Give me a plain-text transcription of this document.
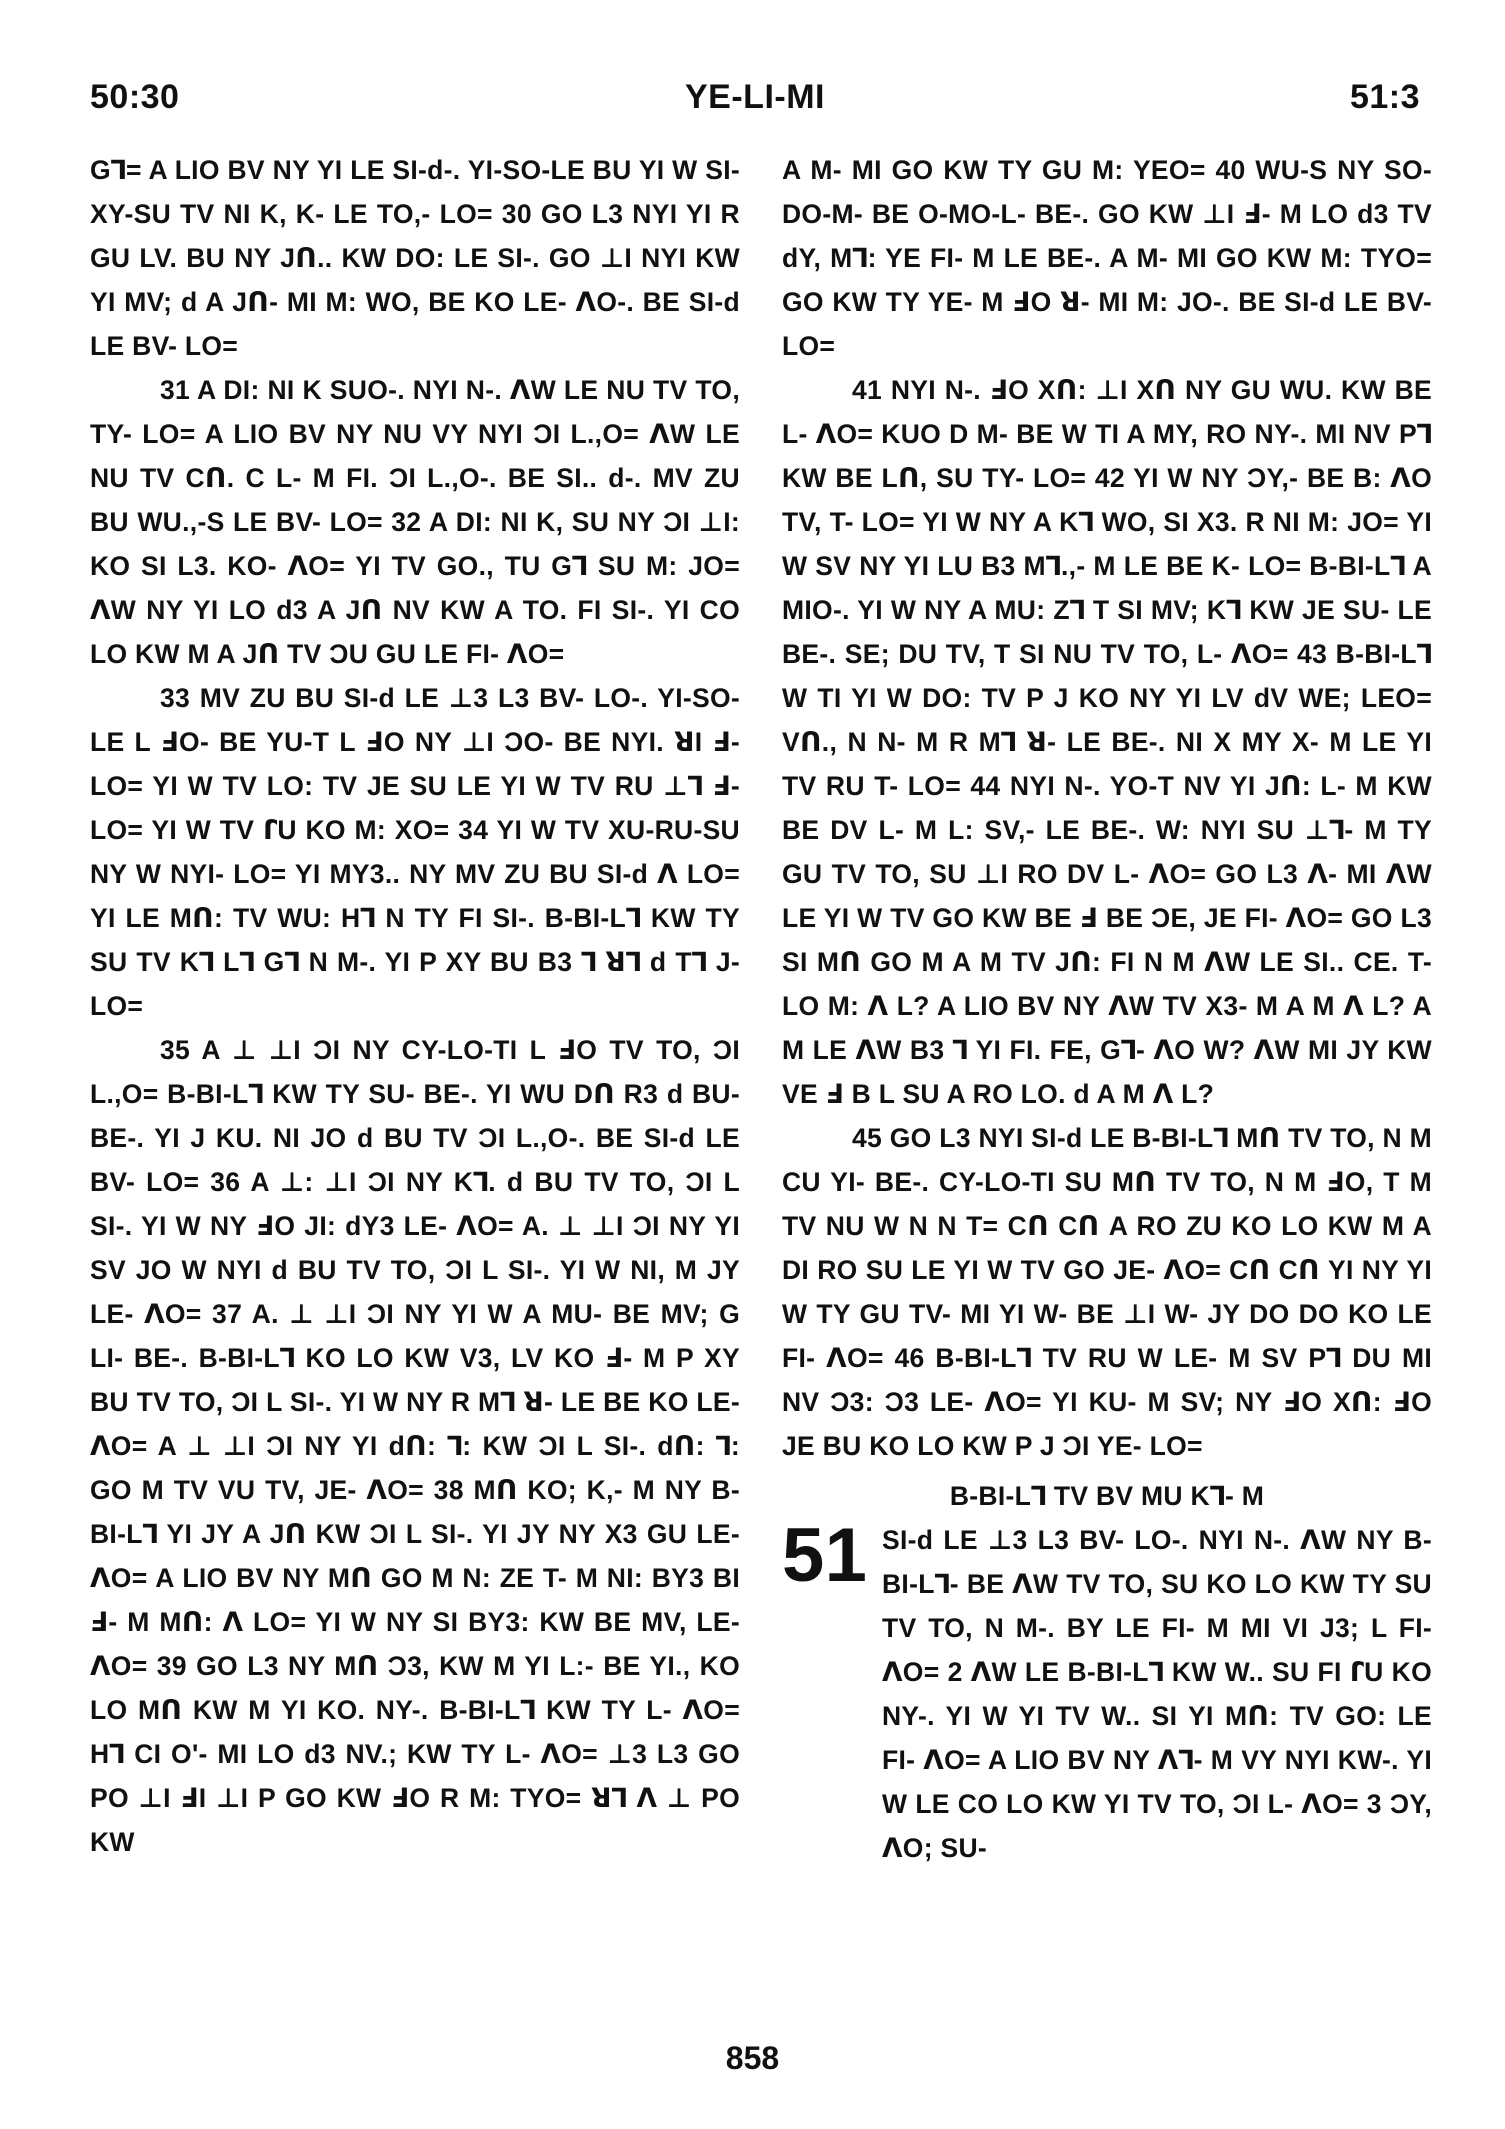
50:30	YE-LI-MI	51:3

G⅂= A LIO BV NY YI LE SI-d-. YI-SO-LE BU YI W SI-XY-SU TV NI K, K- LE TO,- LO= 30 GO L3 NYI YI R GU LV. BU NY Jꓵ.. KW DO: LE SI-. GO ⊥I NYI KW YI MV; d A Jꓵ- MI M: WO, BE KO LE- ꓥO-. BE SI-d LE BV- LO=

31 A DI: NI K SUO-. NYI N-. ꓥW LE NU TV TO, TY- LO= A LIO BV NY NU VY NYI ƆI L.,O= ꓥW LE NU TV Cꓵ. C L- M FI. ƆI L.,O-. BE SI.. d-. MV ZU BU WU.,-S LE BV- LO= 32 A DI: NI K, SU NY ƆI ⊥I: KO SI L3. KO- ꓥO= YI TV GO., TU G⅂ SU M: JO= ꓥW NY YI LO d3 A Jꓵ NV KW A TO. FI SI-. YI CO LO KW M A Jꓵ TV ƆU GU LE FI- ꓥO=

33 MV ZU BU SI-d LE ⊥3 L3 BV- LO-. YI-SO-LE L ꓞO- BE YU-T L ꓞO NY ⊥I ƆO- BE NYI. ꓤI ꓞ- LO= YI W TV LO: TV JE SU LE YI W TV RU ⊥⅂ ꓞ- LO= YI W TV ꓩU KO M: XO= 34 YI W TV XU-RU-SU NY W NYI- LO= YI MY3.. NY MV ZU BU SI-d ꓥ LO= YI LE Mꓵ: TV WU: H⅂ N TY FI SI-. B-BI-L⅂ KW TY SU TV K⅂ L⅂ G⅂ N M-. YI P XY BU B3 ⅂ ꓤ⅂ d T⅂ J- LO=

35 A ⊥ ⊥I ƆI NY CY-LO-TI L ꓞO TV TO, ƆI L.,O= B-BI-L⅂ KW TY SU- BE-. YI WU Dꓵ R3 d BU- BE-. YI J KU. NI JO d BU TV ƆI L.,O-. BE SI-d LE BV- LO= 36 A ⊥: ⊥I ƆI NY K⅂. d BU TV TO, ƆI L SI-. YI W NY ꓞO JI: dY3 LE- ꓥO= A. ⊥ ⊥I ƆI NY YI SV JO W NYI d BU TV TO, ƆI L SI-. YI W NI, M JY LE- ꓥO= 37 A. ⊥ ⊥I ƆI NY YI W A MU- BE MV; G LI- BE-. B-BI-L⅂ KO LO KW V3, LV KO ꓞ- M P XY BU TV TO, ƆI L SI-. YI W NY R M⅂ ꓤ- LE BE KO LE- ꓥO= A ⊥ ⊥I ƆI NY YI dꓵ: ⅂: KW ƆI L SI-. dꓵ: ⅂: GO M TV VU TV, JE- ꓥO= 38 Mꓵ KO; K,- M NY B-BI-L⅂ YI JY A Jꓵ KW ƆI L SI-. YI JY NY X3 GU LE- ꓥO= A LIO BV NY Mꓵ GO M N: ZE T- M NI: BY3 BI ꓞ- M Mꓵ: ꓥ LO= YI W NY SI BY3: KW BE MV, LE- ꓥO= 39 GO L3 NY Mꓵ Ɔ3, KW M YI L:- BE YI., KO LO Mꓵ KW M YI KO. NY-. B-BI-L⅂ KW TY L- ꓥO= H⅂ CI O'- MI LO d3 NV.; KW TY L- ꓥO= ⊥3 L3 GO PO ⊥I ꓞI ⊥I P GO KW ꓞO R M: TYO= ꓤ⅂ ꓥ ⊥ PO KW

A M- MI GO KW TY GU M: YEO= 40 WU-S NY SO-DO-M- BE O-MO-L- BE-. GO KW ⊥I ꓞ- M LO d3 TV dY, M⅂: YE FI- M LE BE-. A M- MI GO KW M: TYO= GO KW TY YE- M ꓞO ꓤ- MI M: JO-. BE SI-d LE BV- LO=

41 NYI N-. ꓞO Xꓵ: ⊥I Xꓵ NY GU WU. KW BE L- ꓥO= KUO D M- BE W TI A MY, RO NY-. MI NV P⅂ KW BE Lꓵ, SU TY- LO= 42 YI W NY ƆY,- BE B: ꓥO TV, T- LO= YI W NY A K⅂ WO, SI X3. R NI M: JO= YI W SV NY YI LU B3 M⅂.,- M LE BE K- LO= B-BI-L⅂ A MIO-. YI W NY A MU: Z⅂ T SI MV; K⅂ KW JE SU- LE BE-. SE; DU TV, T SI NU TV TO, L- ꓥO= 43 B-BI-L⅂ W TI YI W DO: TV P J KO NY YI LV dV WE; LEO= Vꓵ., N N- M R M⅂ ꓤ- LE BE-. NI X MY X- M LE YI TV RU T- LO= 44 NYI N-. YO-T NV YI Jꓵ: L- M KW BE DV L- M L: SV,- LE BE-. W: NYI SU ⊥⅂- M TY GU TV TO, SU ⊥I RO DV L- ꓥO= GO L3 ꓥ- MI ꓥW LE YI W TV GO KW BE ꓞ BE ƆE, JE FI- ꓥO= GO L3 SI Mꓵ GO M A M TV Jꓵ: FI N M ꓥW LE SI.. CE. T- LO M: ꓥ L? A LIO BV NY ꓥW TV X3- M A M ꓥ L? A M LE ꓥW B3 ⅂ YI FI. FE, G⅂- ꓥO W? ꓥW MI JY KW VE ꓞ B L SU A RO LO. d A M ꓥ L?

45 GO L3 NYI SI-d LE B-BI-L⅂ Mꓵ TV TO, N M CU YI- BE-. CY-LO-TI SU Mꓵ TV TO, N M ꓞO, T M TV NU W N N T= Cꓵ Cꓵ A RO ZU KO LO KW M A DI RO SU LE YI W TV GO JE- ꓥO= Cꓵ Cꓵ YI NY YI W TY GU TV- MI YI W- BE ⊥I W- JY DO DO KO LE FI- ꓥO= 46 B-BI-L⅂ TV RU W LE- M SV P⅂ DU MI NV Ɔ3: Ɔ3 LE- ꓥO= YI KU- M SV; NY ꓞO Xꓵ: ꓞO JE BU KO LO KW P J ƆI YE- LO=

B-BI-L⅂ TV BV MU K⅂- M
51 SI-d LE ⊥3 L3 BV- LO-. NYI N-. ꓥW NY B-BI-L⅂- BE ꓥW TV TO, SU KO LO KW TY SU TV TO, N M-. BY LE FI- M MI VI J3; L FI- ꓥO= 2 ꓥW LE B-BI-L⅂ KW W.. SU FI ꓩU KO NY-. YI W YI TV W.. SI YI Mꓵ: TV GO: LE FI- ꓥO= A LIO BV NY ꓥ⅂- M VY NYI KW-. YI W LE CO LO KW YI TV TO, ƆI L- ꓥO= 3 ƆY, ꓥO; SU-
858
